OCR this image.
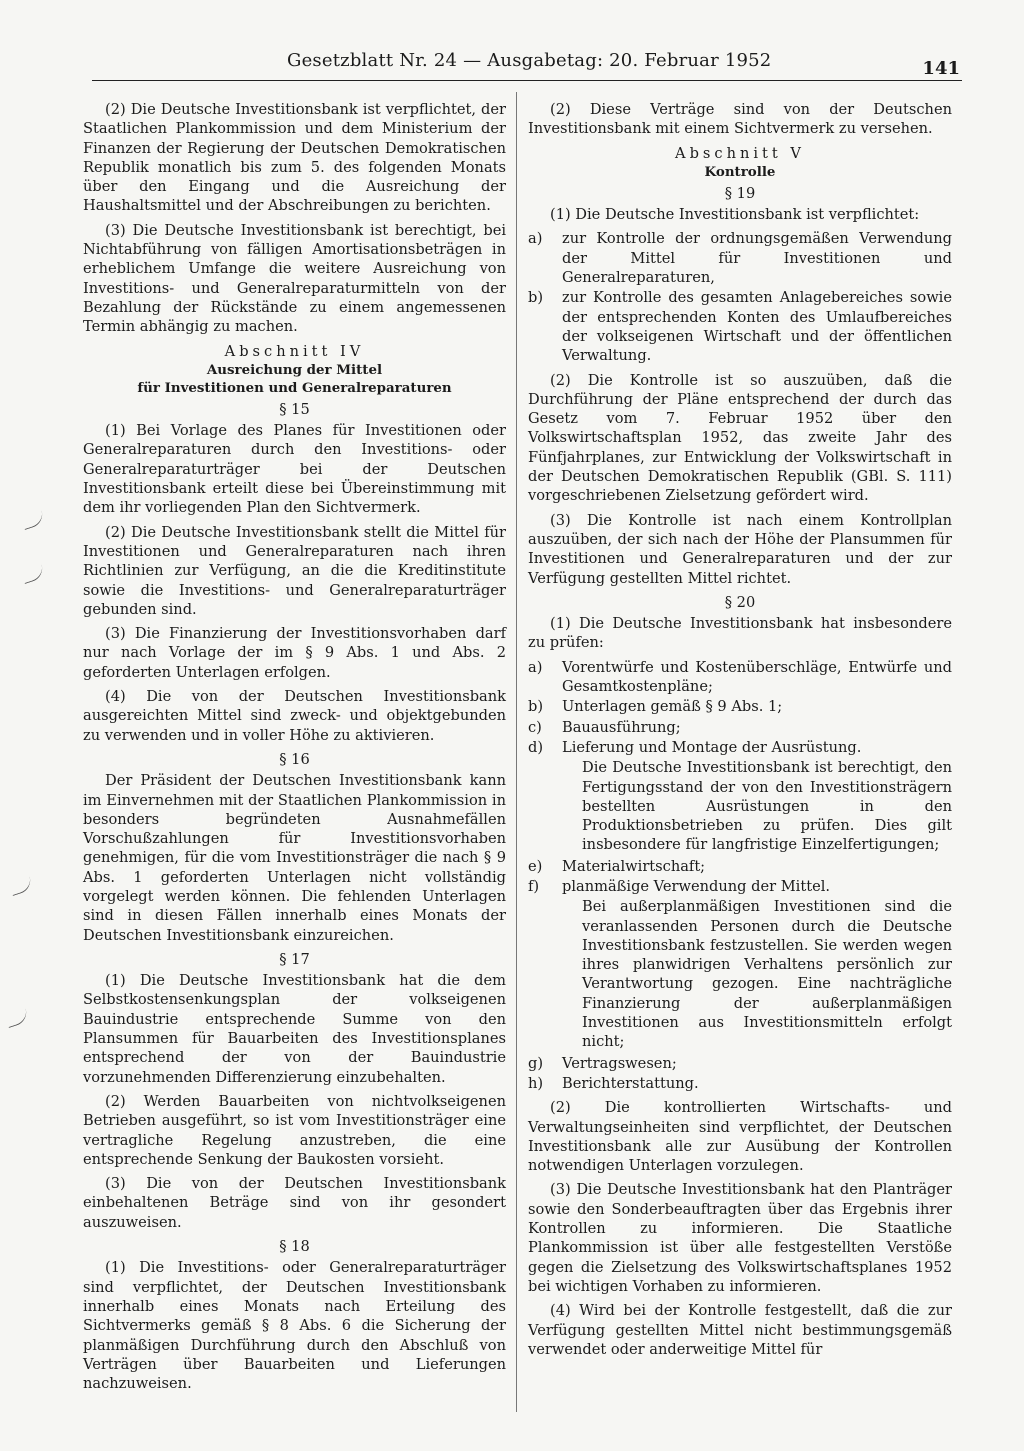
Gesetzblatt Nr. 24 — Ausgabetag: 20. Februar 1952	141

(2) Die Deutsche Investitionsbank ist verpflichtet, der Staatlichen Plankommission und dem Ministerium der Finanzen der Regierung der Deutschen Demokratischen Republik monatlich bis zum 5. des folgenden Monats über den Eingang und die Ausreichung der Haushaltsmittel und der Abschreibungen zu berichten.

(3) Die Deutsche Investitionsbank ist berechtigt, bei Nichtabführung von fälligen Amortisationsbeträgen in erheblichem Umfange die weitere Ausreichung von Investitions- und Generalreparaturmitteln von der Bezahlung der Rückstände zu einem angemessenen Termin abhängig zu machen.

Abschnitt IV

Ausreichung der Mittel

für Investitionen und Generalreparaturen

§ 15

(1) Bei Vorlage des Planes für Investitionen oder Generalreparaturen durch den Investitions- oder Generalreparaturträger bei der Deutschen Investitionsbank erteilt diese bei Übereinstimmung mit dem ihr vorliegenden Plan den Sichtvermerk.

(2) Die Deutsche Investitionsbank stellt die Mittel für Investitionen und Generalreparaturen nach ihren Richtlinien zur Verfügung, an die die Kreditinstitute sowie die Investitions- und Generalreparaturträger gebunden sind.

(3) Die Finanzierung der Investitionsvorhaben darf nur nach Vorlage der im § 9 Abs. 1 und Abs. 2 geforderten Unterlagen erfolgen.

(4) Die von der Deutschen Investitionsbank ausgereichten Mittel sind zweck- und objektgebunden zu verwenden und in voller Höhe zu aktivieren.

§ 16

Der Präsident der Deutschen Investitionsbank kann im Einvernehmen mit der Staatlichen Plankommission in besonders begründeten Ausnahmefällen Vorschußzahlungen für Investitionsvorhaben genehmigen, für die vom Investitionsträger die nach § 9 Abs. 1 geforderten Unterlagen nicht vollständig vorgelegt werden können. Die fehlenden Unterlagen sind in diesen Fällen innerhalb eines Monats der Deutschen Investitionsbank einzureichen.

§ 17

(1) Die Deutsche Investitionsbank hat die dem Selbstkostensenkungsplan der volkseigenen Bauindustrie entsprechende Summe von den Plansummen für Bauarbeiten des Investitionsplanes entsprechend der von der Bauindustrie vorzunehmenden Differenzierung einzubehalten.

(2) Werden Bauarbeiten von nichtvolkseigenen Betrieben ausgeführt, so ist vom Investitionsträger eine vertragliche Regelung anzustreben, die eine entsprechende Senkung der Baukosten vorsieht.

(3) Die von der Deutschen Investitionsbank einbehaltenen Beträge sind von ihr gesondert auszuweisen.

§ 18

(1) Die Investitions- oder Generalreparaturträger sind verpflichtet, der Deutschen Investitionsbank innerhalb eines Monats nach Erteilung des Sichtvermerks gemäß § 8 Abs. 6 die Sicherung der planmäßigen Durchführung durch den Abschluß von Verträgen über Bauarbeiten und Lieferungen nachzuweisen.

(2) Diese Verträge sind von der Deutschen Investitionsbank mit einem Sichtvermerk zu versehen.

Abschnitt V

Kontrolle

§ 19

(1) Die Deutsche Investitionsbank ist verpflichtet:

a)	zur Kontrolle der ordnungsgemäßen Verwendung der Mittel für Investitionen und Generalreparaturen,
b)	zur Kontrolle des gesamten Anlagebereiches sowie der entsprechenden Konten des Umlaufbereiches der volkseigenen Wirtschaft und der öffentlichen Verwaltung.

(2) Die Kontrolle ist so auszuüben, daß die Durchführung der Pläne entsprechend der durch das Gesetz vom 7. Februar 1952 über den Volkswirtschaftsplan 1952, das zweite Jahr des Fünfjahrplanes, zur Entwicklung der Volkswirtschaft in der Deutschen Demokratischen Republik (GBl. S. 111) vorgeschriebenen Zielsetzung gefördert wird.

(3) Die Kontrolle ist nach einem Kontrollplan auszuüben, der sich nach der Höhe der Plansummen für Investitionen und Generalreparaturen und der zur Verfügung gestellten Mittel richtet.

§ 20

(1) Die Deutsche Investitionsbank hat insbesondere zu prüfen:

a)	Vorentwürfe und Kostenüberschläge, Entwürfe und Gesamtkostenpläne;
b)	Unterlagen gemäß § 9 Abs. 1;
c)	Bauausführung;
d)	Lieferung und Montage der Ausrüstung.

Die Deutsche Investitionsbank ist berechtigt, den Fertigungsstand der von den Investitionsträgern bestellten Ausrüstungen in den Produktionsbetrieben zu prüfen. Dies gilt insbesondere für langfristige Einzelfertigungen;

e)	Materialwirtschaft;
f)	planmäßige Verwendung der Mittel.

Bei außerplanmäßigen Investitionen sind die veranlassenden Personen durch die Deutsche Investitionsbank festzustellen. Sie werden wegen ihres planwidrigen Verhaltens persönlich zur Verantwortung gezogen. Eine nachträgliche Finanzierung der außerplanmäßigen Investitionen aus Investitionsmitteln erfolgt nicht;

g)	Vertragswesen;
h)	Berichterstattung.

(2) Die kontrollierten Wirtschafts- und Verwaltungseinheiten sind verpflichtet, der Deutschen Investitionsbank alle zur Ausübung der Kontrollen notwendigen Unterlagen vorzulegen.

(3) Die Deutsche Investitionsbank hat den Planträger sowie den Sonderbeauftragten über das Ergebnis ihrer Kontrollen zu informieren. Die Staatliche Plankommission ist über alle festgestellten Verstöße gegen die Zielsetzung des Volkswirtschaftsplanes 1952 bei wichtigen Vorhaben zu informieren.

(4) Wird bei der Kontrolle festgestellt, daß die zur Verfügung gestellten Mittel nicht bestimmungsgemäß verwendet oder anderweitige Mittel für
